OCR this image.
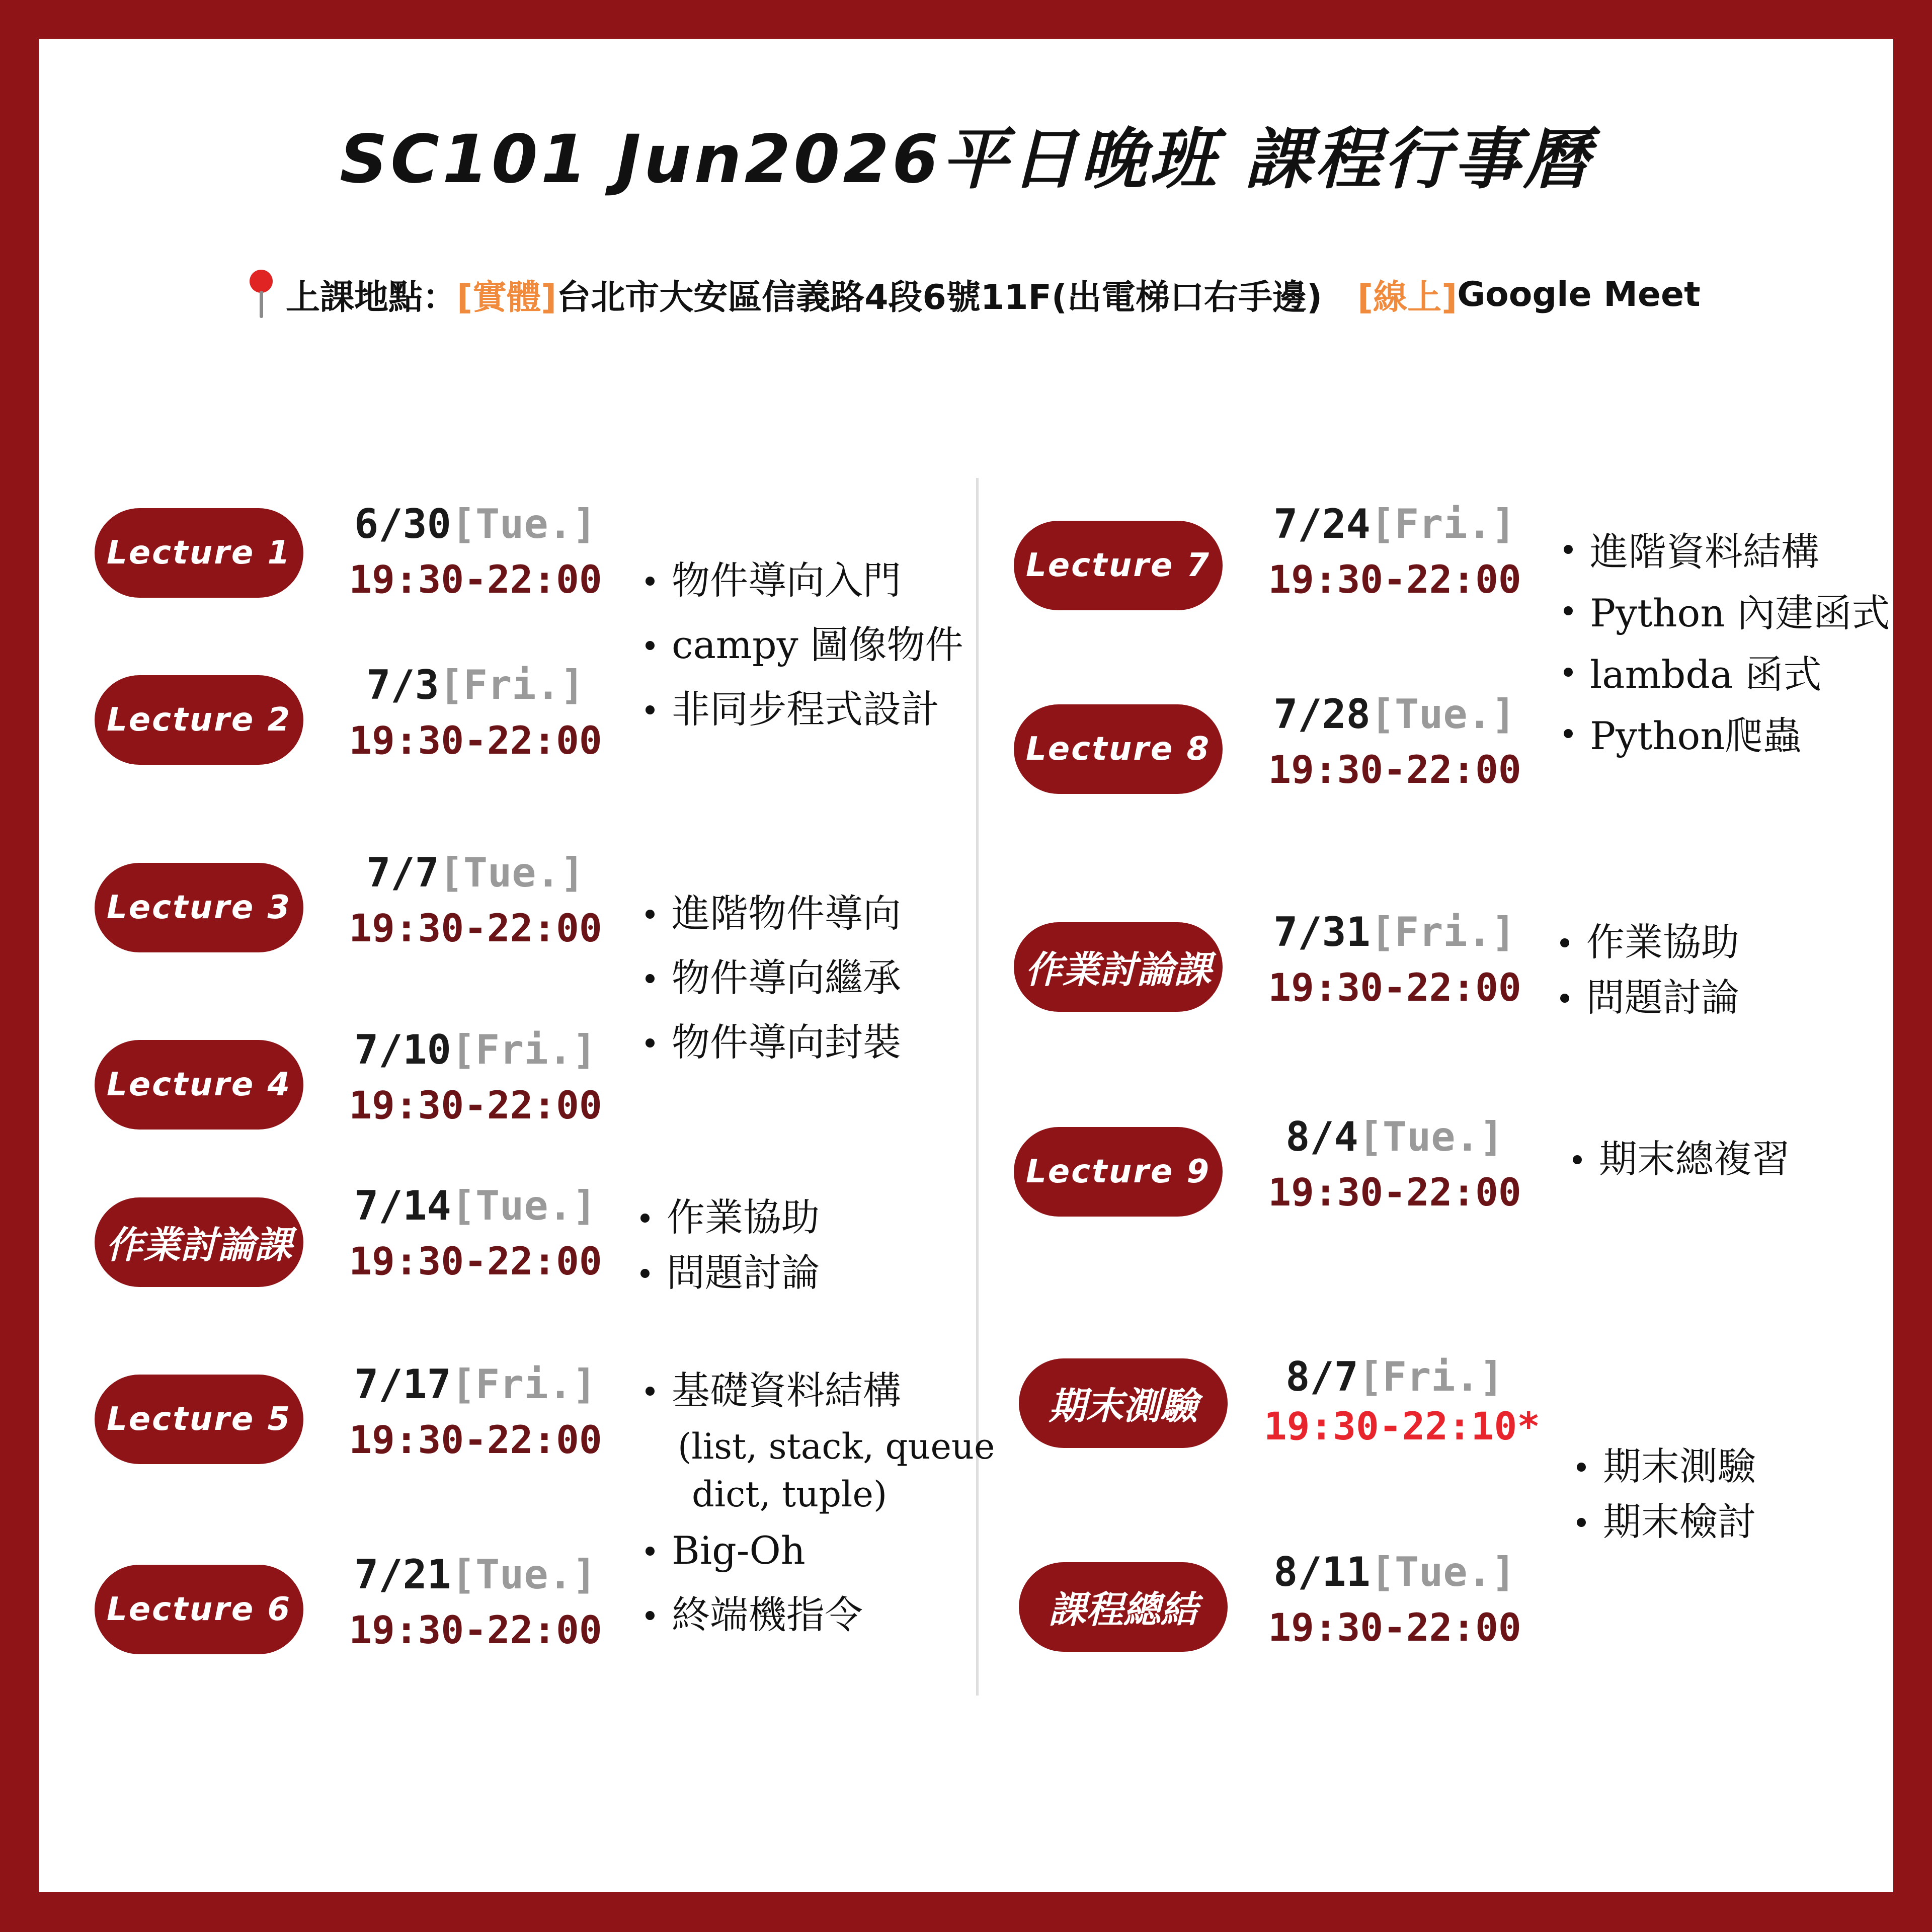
SC101 Jun2026平日晚班 課程行事曆
上課地點： [實體] 台北市大安區信義路4段6號11F(出電梯口右手邊) [線上] Google Meet
Lecture 1
6/30[Tue.]
19:30-22:00
Lecture 2
7/3[Fri.]
19:30-22:00
Lecture 3
7/7[Tue.]
19:30-22:00
Lecture 4
7/10[Fri.]
19:30-22:00
作業討論課
7/14[Tue.]
19:30-22:00
Lecture 5
7/17[Fri.]
19:30-22:00
Lecture 6
7/21[Tue.]
19:30-22:00
物件導向入門
campy 圖像物件
非同步程式設計
進階物件導向
物件導向繼承
物件導向封裝
作業協助
問題討論
基礎資料結構
(list, stack, queue
dict, tuple)
Big-Oh
終端機指令
Lecture 7
7/24[Fri.]
19:30-22:00
Lecture 8
7/28[Tue.]
19:30-22:00
作業討論課
7/31[Fri.]
19:30-22:00
Lecture 9
8/4[Tue.]
19:30-22:00
期末測驗
8/7[Fri.]
19:30-22:10*
課程總結
8/11[Tue.]
19:30-22:00
進階資料結構
Python 內建函式
lambda 函式
Python爬蟲
作業協助
問題討論
期末總複習
期末測驗
期末檢討
